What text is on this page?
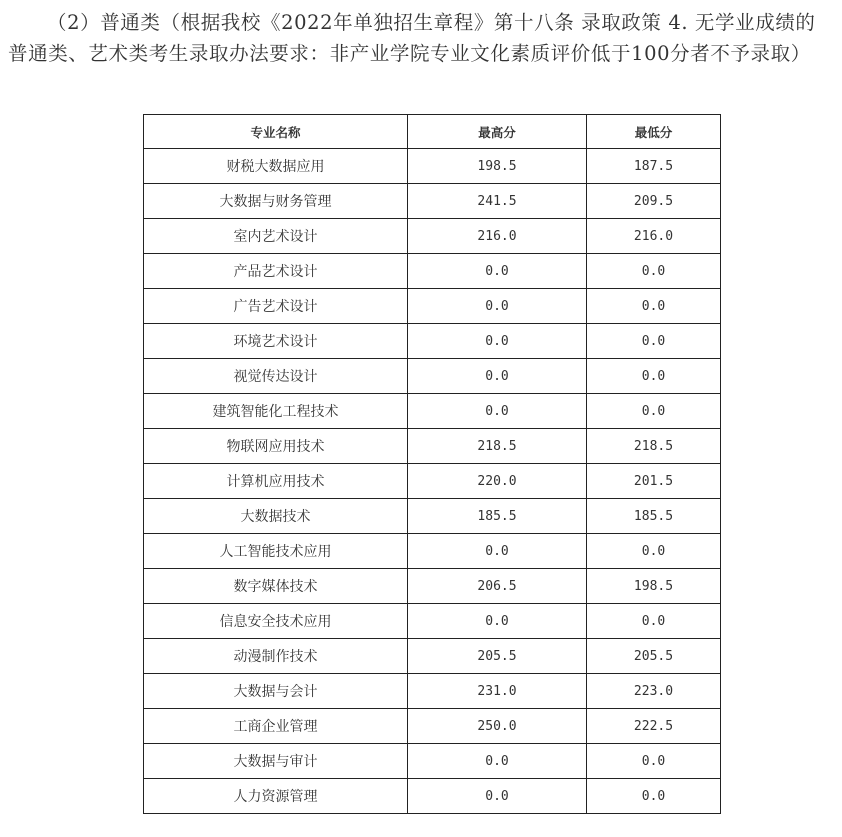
（2）普通类（根据我校《2022年单独招生章程》第十八条 录取政策 4. 无学业成绩的普通类、艺术类考生录取办法要求：非产业学院专业文化素质评价低于100分者不予录取）

专业名称	最高分	最低分
财税大数据应用	198.5	187.5
大数据与财务管理	241.5	209.5
室内艺术设计	216.0	216.0
产品艺术设计	0.0	0.0
广告艺术设计	0.0	0.0
环境艺术设计	0.0	0.0
视觉传达设计	0.0	0.0
建筑智能化工程技术	0.0	0.0
物联网应用技术	218.5	218.5
计算机应用技术	220.0	201.5
大数据技术	185.5	185.5
人工智能技术应用	0.0	0.0
数字媒体技术	206.5	198.5
信息安全技术应用	0.0	0.0
动漫制作技术	205.5	205.5
大数据与会计	231.0	223.0
工商企业管理	250.0	222.5
大数据与审计	0.0	0.0
人力资源管理	0.0	0.0
